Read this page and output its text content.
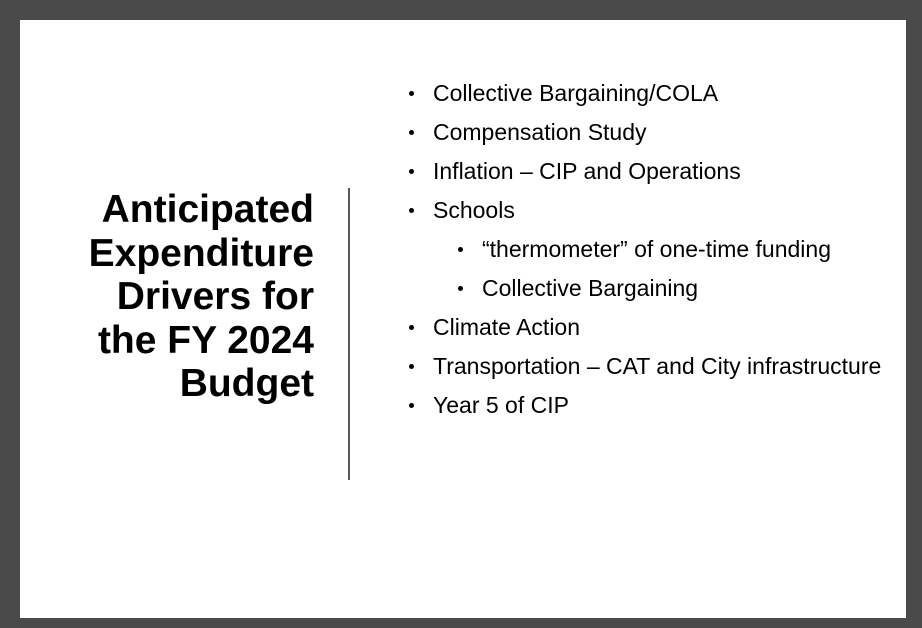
Anticipated
Expenditure
Drivers for
the FY 2024
Budget
Collective Bargaining/COLA
Compensation Study
Inflation – CIP and Operations
Schools
“thermometer” of one-time funding
Collective Bargaining
Climate Action
Transportation – CAT and City infrastructure
Year 5 of CIP
